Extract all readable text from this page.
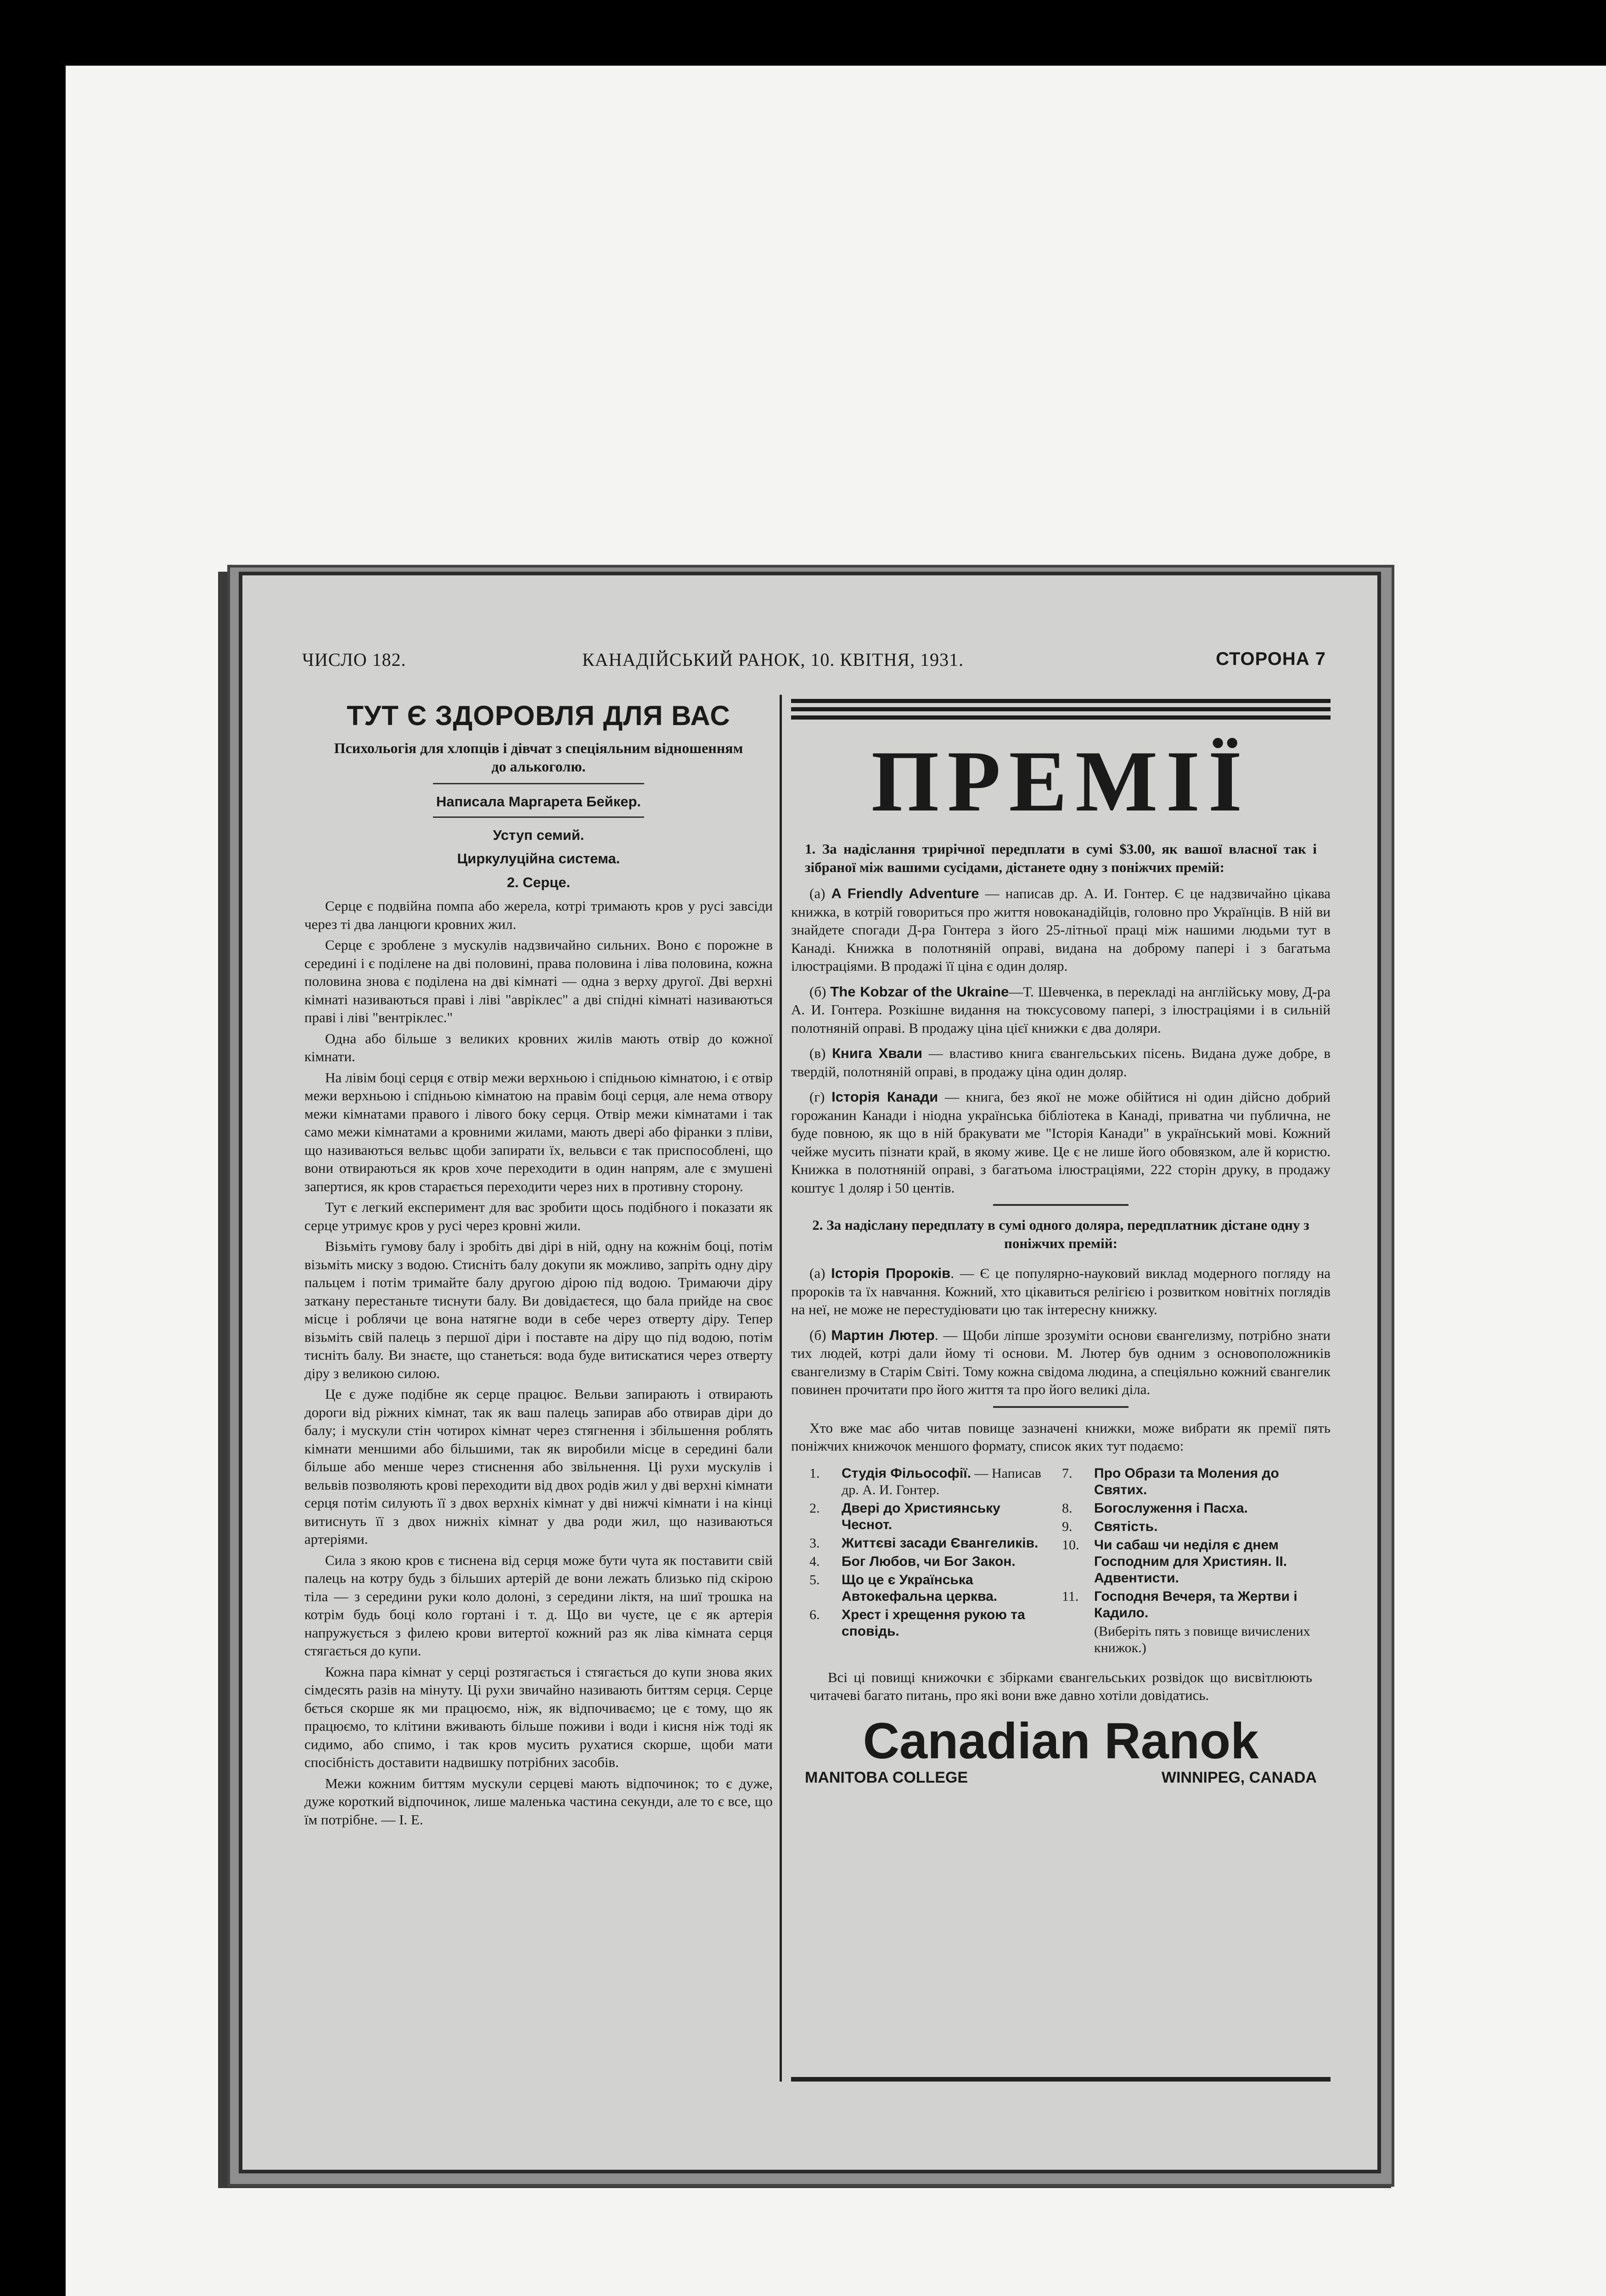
ЧИСЛО 182.	КАНАДІЙСЬКИЙ РАНОК, 10. КВІТНЯ, 1931.	СТОРОНА 7
ТУТ Є ЗДОРОВЛЯ ДЛЯ ВАС
Психольогія для хлопців і дівчат з спеціяльним відношенням до алькоголю.
Написала Маргарета Бейкер.
Уступ семий.
Циркулуційна система.
2. Серце.

Серце є подвійна помпа або жерела, котрі тримають кров у русі завсіди через ті два ланцюги кровних жил.

Серце є зроблене з мускулів надзвичайно сильних. Воно є порожне в середині і є поділене на дві половині, права половина і ліва половина, кожна половина знова є поділена на дві кімнаті — одна з верху другої. Дві верхні кімнаті називаються праві і ліві "авріклес" а дві спідні кімнаті називаються праві і ліві "вентріклес."

Одна або більше з великих кровних жилів мають отвір до кожної кімнати.

На лівім боці серця є отвір межи верхньою і спідньою кімнатою, і є отвір межи верхньою і спідньою кімнатою на правім боці серця, але нема отвору межи кімнатами правого і лівого боку серця. Отвір межи кімнатами і так само межи кімнатами а кровними жилами, мають двері або фіранки з пліви, що називаються вельвс щоби запирати їх, вельвси є так приспособлені, що вони отвираються як кров хоче переходити в один напрям, але є змушені запертися, як кров старається переходити через них в противну сторону.

Тут є легкий експеримент для вас зробити щось подібного і показати як серце утримує кров у русі через кровні жили.

Візьміть гумову балу і зробіть дві дірі в ній, одну на кожнім боці, потім візьміть миску з водою. Стисніть балу докупи як можливо, запріть одну діру пальцем і потім тримайте балу другою дірою під водою. Тримаючи діру заткану перестаньте тиснути балу. Ви довідаєтеся, що бала прийде на своє місце і роблячи це вона натягне води в себе через отверту діру. Тепер візьміть свій палець з першої діри і поставте на діру що під водою, потім тисніть балу. Ви знаєте, що станеться: вода буде витискатися через отверту діру з великою силою.

Це є дуже подібне як серце працює. Вельви запирають і отвирають дороги від ріжних кімнат, так як ваш палець запирав або отвирав діри до балу; і мускули стін чотирох кімнат через стягнення і збільшення роблять кімнати меншими або більшими, так як виробили місце в середині бали більше або менше через стиснення або звільнення. Ці рухи мускулів і вельвів позволяють крові переходити від двох родів жил у дві верхні кімнати серця потім силують її з двох верхніх кімнат у дві нижчі кімнати і на кінці витиснуть її з двох нижніх кімнат у два роди жил, що називаються артеріями.

Сила з якою кров є тиснена від серця може бути чута як поставити свій палець на котру будь з більших артерій де вони лежать близько під скірою тіла — з середини руки коло долоні, з середини ліктя, на шиї трошка на котрім будь боці коло гортані і т. д. Що ви чуєте, це є як артерія напружується з филею крови витертої кожний раз як ліва кімната серця стягається до купи.

Кожна пара кімнат у серці розтягається і стягається до купи знова яких сімдесять разів на мінуту. Ці рухи звичайно називають биттям серця. Серце бється скорше як ми працюємо, ніж, як відпочиваємо; це є тому, що як працюємо, то клітини вживають більше поживи і води і кисня ніж тоді як сидимо, або спимо, і так кров мусить рухатися скорше, щоби мати спосібність доставити надвишку потрібних засобів.

Межи кожним биттям мускули серцеві мають відпочинок; то є дуже, дуже короткий відпочинок, лише маленька частина секунди, але то є все, що їм потрібне. — І. Е.

ПРЕМІЇ
1. За надіслання трирічної передплати в сумі $3.00, як вашої власної так і зібраної між вашими сусідами, дістанете одну з поніжчих премій:
(а) A Friendly Adventure — написав др. А. И. Гонтер. Є це надзвичайно цікава книжка, в котрій говориться про життя новоканадійців, головно про Українців. В ній ви знайдете спогади Д-ра Гонтера з його 25-літньої праці між нашими людьми тут в Канаді. Книжка в полотняній оправі, видана на доброму папері і з багатьма ілюстраціями. В продажі її ціна є один доляр.
(б) The Kobzar of the Ukraine—Т. Шевченка, в перекладі на англійську мову, Д-ра А. И. Гонтера. Розкішне видання на тюксусовому папері, з ілюстраціями і в сильній полотняній оправі. В продажу ціна цієї книжки є два доляри.
(в) Книга Хвали — властиво книга євангельських пісень. Видана дуже добре, в твердій, полотняній оправі, в продажу ціна один доляр.
(г) Історія Канади — книга, без якої не може обійтися ні один дійсно добрий горожанин Канади і ніодна українська бібліотека в Канаді, приватна чи публична, не буде повною, як що в ній бракувати ме "Історія Канади" в український мові. Кожний чейже мусить пізнати край, в якому живе. Це є не лише його обовязком, але й користю. Книжка в полотняній оправі, з багатьома ілюстраціями, 222 сторін друку, в продажу коштує 1 доляр і 50 центів.
2. За надіслану передплату в сумі одного доляра, передплатник дістане одну з поніжчих премій:
(а) Історія Пророків. — Є це популярно-науковий виклад модерного погляду на пророків та їх навчання. Кожний, хто цікавиться релігією і розвитком новітніх поглядів на неї, не може не перестудіювати цю так інтересну книжку.
(б) Мартин Лютер. — Щоби ліпше зрозуміти основи євангелизму, потрібно знати тих людей, котрі дали йому ті основи. М. Лютер був одним з основоположників євангелизму в Старім Світі. Тому кожна свідома людина, а спеціяльно кожний євангелик повинен прочитати про його життя та про його великі діла.
Хто вже має або читав повище зазначені книжки, може вибрати як премії пять поніжчих книжочок меншого формату, список яких тут подаємо:
1.	Студія Фільософії. — Написав др. А. И. Гонтер.
2.	Двері до Християнську Чеснот.
3.	Життєві засади Євангеликів.
4.	Бог Любов, чи Бог Закон.
5.	Що це є Українська Автокефальна церква.
6.	Хрест і хрещення рукою та сповідь.
7.	Про Образи та Моления до Святих.
8.	Богослуження і Пасха.
9.	Святість.
10.	Чи сабаш чи неділя є днем Господним для Християн. II. Адвентисти.
11.	Господня Вечеря, та Жертви і Кадило.
(Виберіть пять з повище вичислених книжок.)
Всі ці повищі книжочки є збірками євангельських розвідок що висвітлюють читачеві багато питань, про які вони вже давно хотіли довідатись.
Canadian Ranok
MANITOBA COLLEGE	WINNIPEG, CANADA
